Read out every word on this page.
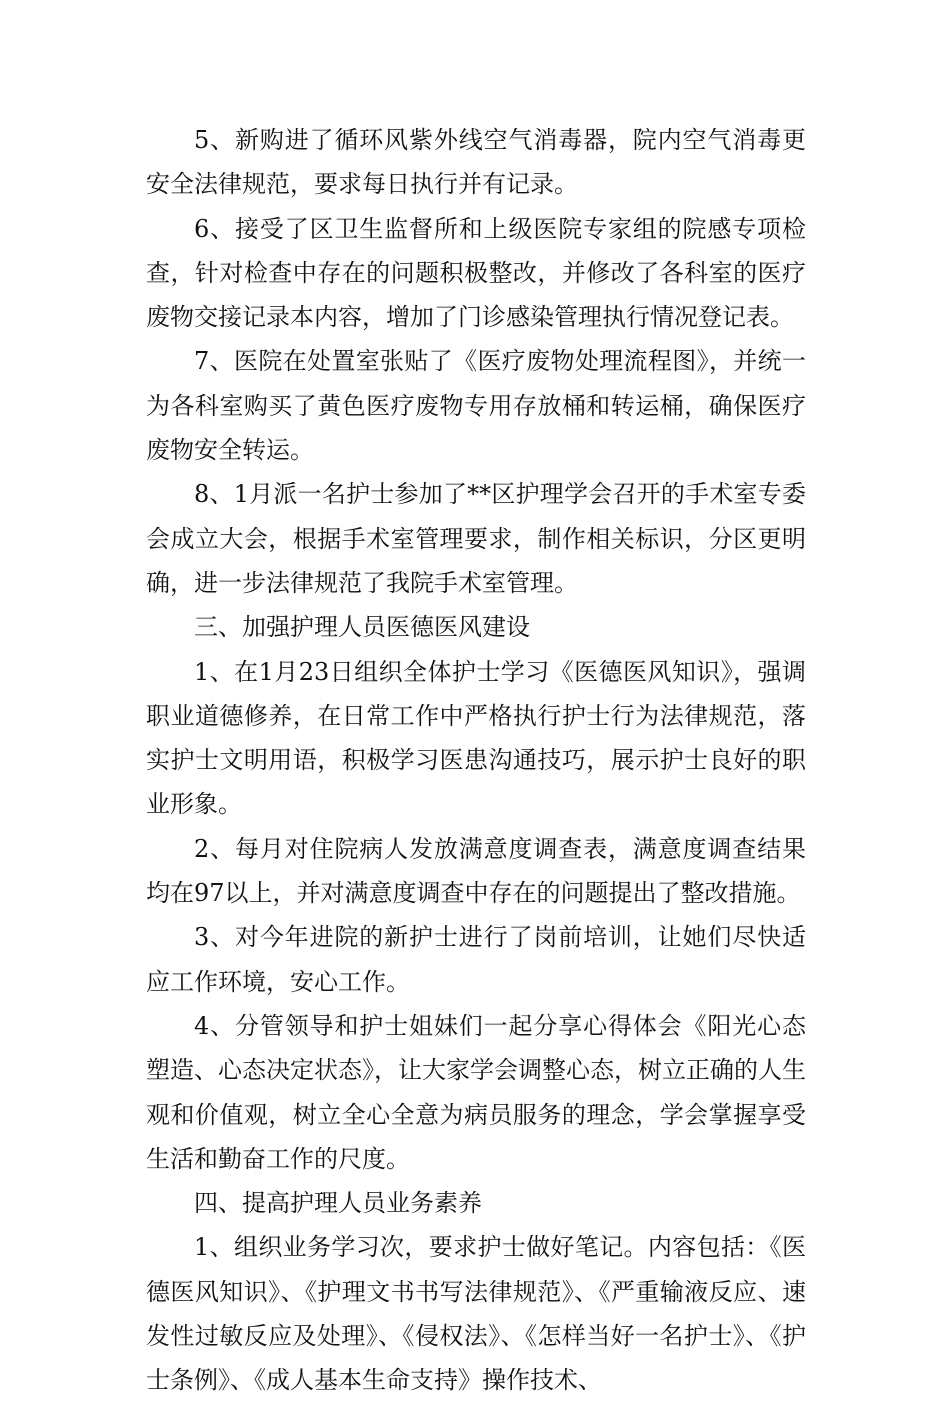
5、新购进了循环风紫外线空气消毒器，院内空气消毒更安全法律规范，要求每日执行并有记录。

6、接受了区卫生监督所和上级医院专家组的院感专项检查，针对检查中存在的问题积极整改，并修改了各科室的医疗废物交接记录本内容，增加了门诊感染管理执行情况登记表。

7、医院在处置室张贴了《医疗废物处理流程图》，并统一为各科室购买了黄色医疗废物专用存放桶和转运桶，确保医疗废物安全转运。

8、1月派一名护士参加了**区护理学会召开的手术室专委会成立大会，根据手术室管理要求，制作相关标识，分区更明确，进一步法律规范了我院手术室管理。

三、加强护理人员医德医风建设

1、在1月23日组织全体护士学习《医德医风知识》，强调职业道德修养，在日常工作中严格执行护士行为法律规范，落实护士文明用语，积极学习医患沟通技巧，展示护士良好的职业形象。

2、每月对住院病人发放满意度调查表，满意度调查结果均在97以上，并对满意度调查中存在的问题提出了整改措施。

3、对今年进院的新护士进行了岗前培训，让她们尽快适应工作环境，安心工作。

4、分管领导和护士姐妹们一起分享心得体会《阳光心态塑造、心态决定状态》，让大家学会调整心态，树立正确的人生观和价值观，树立全心全意为病员服务的理念，学会掌握享受生活和勤奋工作的尺度。

四、提高护理人员业务素养

1、组织业务学习次，要求护士做好笔记。内容包括：《医德医风知识》、《护理文书书写法律规范》、《严重输液反应、速发性过敏反应及处理》、《侵权法》、《怎样当好一名护士》、《护士条例》、《成人基本生命支持》操作技术、
